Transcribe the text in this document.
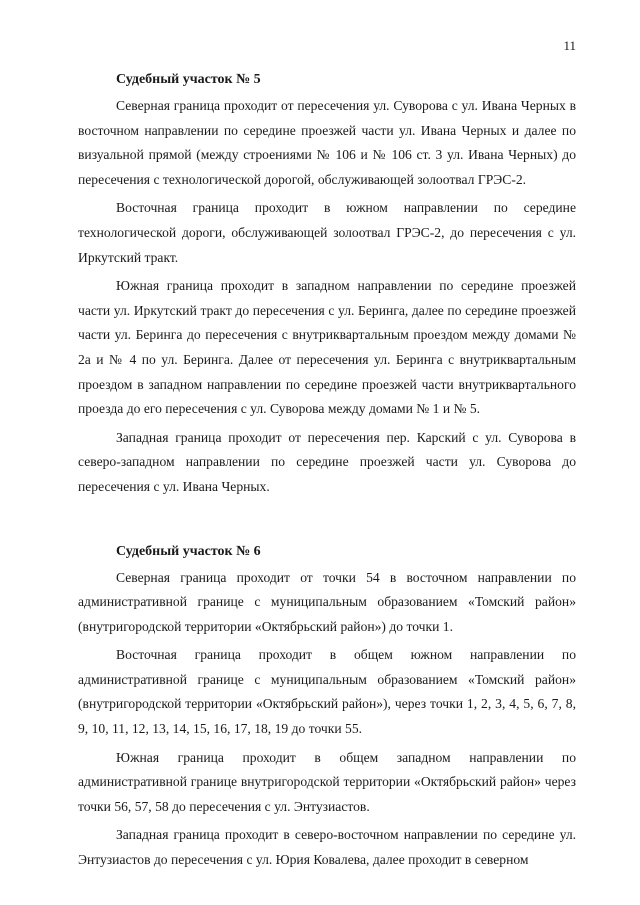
11
Судебный участок № 5

Северная граница проходит от пересечения ул. Суворова с ул. Ивана Черных в восточном направлении по середине проезжей части ул. Ивана Черных и далее по визуальной прямой (между строениями № 106 и № 106 ст. 3 ул. Ивана Черных) до пересечения с технологической дорогой, обслуживающей золоотвал ГРЭС-2.

Восточная граница проходит в южном направлении по середине технологической дороги, обслуживающей золоотвал ГРЭС-2, до пересечения с ул. Иркутский тракт.

Южная граница проходит в западном направлении по середине проезжей части ул. Иркутский тракт до пересечения с ул. Беринга, далее по середине проезжей части ул. Беринга до пересечения с внутриквартальным проездом между домами № 2а и № 4 по ул. Беринга. Далее от пересечения ул. Беринга с внутриквартальным проездом в западном направлении по середине проезжей части внутриквартального проезда до его пересечения с ул. Суворова между домами № 1 и № 5.

Западная граница проходит от пересечения пер. Карский с ул. Суворова в северо-западном направлении по середине проезжей части ул. Суворова до пересечения с ул. Ивана Черных.

Судебный участок № 6

Северная граница проходит от точки 54 в восточном направлении по административной границе с муниципальным образованием «Томский район» (внутригородской территории «Октябрьский район») до точки 1.

Восточная граница проходит в общем южном направлении по административной границе с муниципальным образованием «Томский район» (внутригородской территории «Октябрьский район»), через точки 1, 2, 3, 4, 5, 6, 7, 8, 9, 10, 11, 12, 13, 14, 15, 16, 17, 18, 19 до точки 55.

Южная граница проходит в общем западном направлении по административной границе внутригородской территории «Октябрьский район» через точки 56, 57, 58 до пересечения с ул. Энтузиастов.

Западная граница проходит в северо-восточном направлении по середине ул. Энтузиастов до пересечения с ул. Юрия Ковалева, далее проходит в северном
